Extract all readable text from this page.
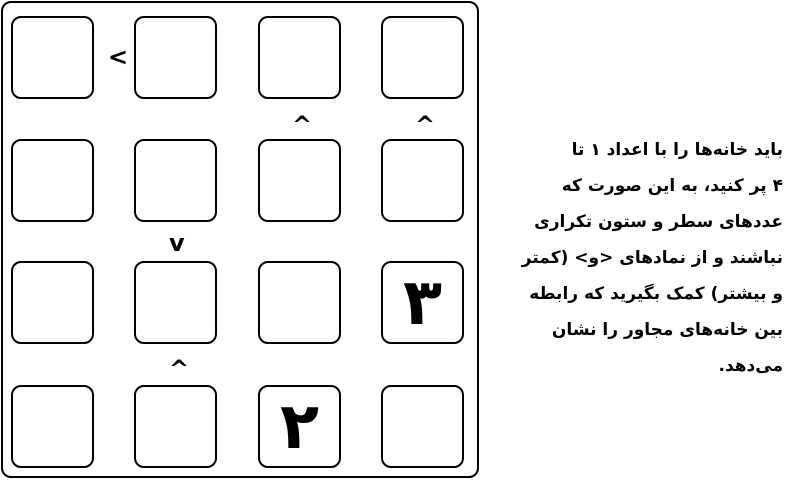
۳
۲
<
^	^
v
^
باید خانه‌ها را با اعداد ۱ تا
۴ پر کنید، به این صورت که
عددهای سطر و ستون تکراری
نباشند و از نمادهای <و> (کمتر
و بیشتر) کمک بگیرید که رابطه
بین خانه‌های مجاور را نشان
می‌دهد.
